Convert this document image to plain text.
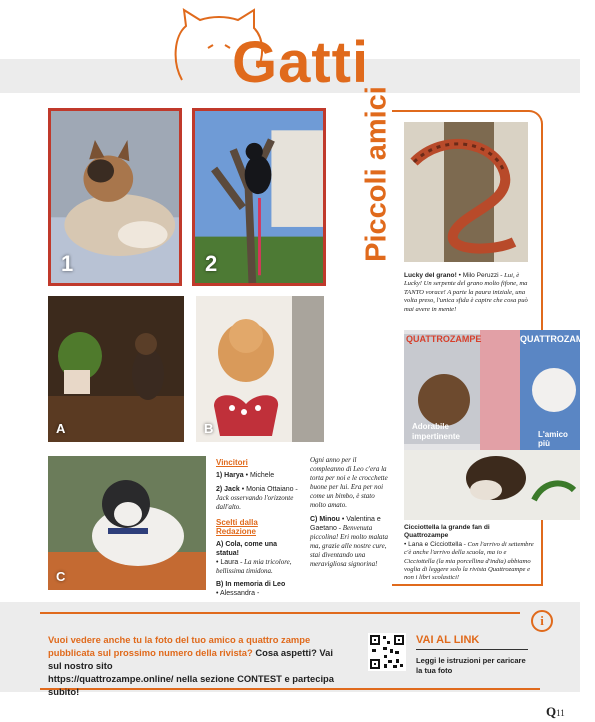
Gatti
1	2
A	B
C
Piccoli amici
Lucky del grano! • Milo Peruzzi - Lui, è Lucky! Un serpente del grano molto fifone, ma TANTO vorace! A parte la paura iniziale, una volta preso, l'unica sfida è capire che cosa può mai avere in mente!
QUATTROZAMPE	QUATTROZAMPE
Adorabile
impertinente	L'amico più
Cicciottella la grande fan di Quattrozampe
• Lana e Cicciottella - Con l'arrivo di settembre c'è anche l'arrivo della scuola, ma io e Cicciottella (la mia porcellina d'india) abbiamo voglia di leggere solo la rivista Quattrozampe e non i libri scolastici!
Vincitori
1) Harya • Michele
2) Jack • Monia Ottaiano - Jack osservando l'orizzonte dall'alto.
Scelti dalla Redazione
A) Cola, come una statua!
• Laura - La mia tricolore, bellissima timidona.
B) In memoria di Leo
• Alessandra -
Ogni anno per il compleanno di Leo c'era la torta per noi e le crocchette buone per lui. Era per noi come un bimbo, è stato molto amato.
C) Minou • Valentina e Gaetano - Benvenuta piccolina! Eri molto malata ma, grazie alle nostre cure, stai diventando una meravigliosa signorina!
i
Vuoi vedere anche tu la foto del tuo amico a quattro zampe
pubblicata sul prossimo numero della rivista? Cosa aspetti? Vai sul nostro sito
https://quattrozampe.online/ nella sezione CONTEST e partecipa subito!
VAI AL LINK
Leggi le istruzioni per caricare la tua foto
Q11
